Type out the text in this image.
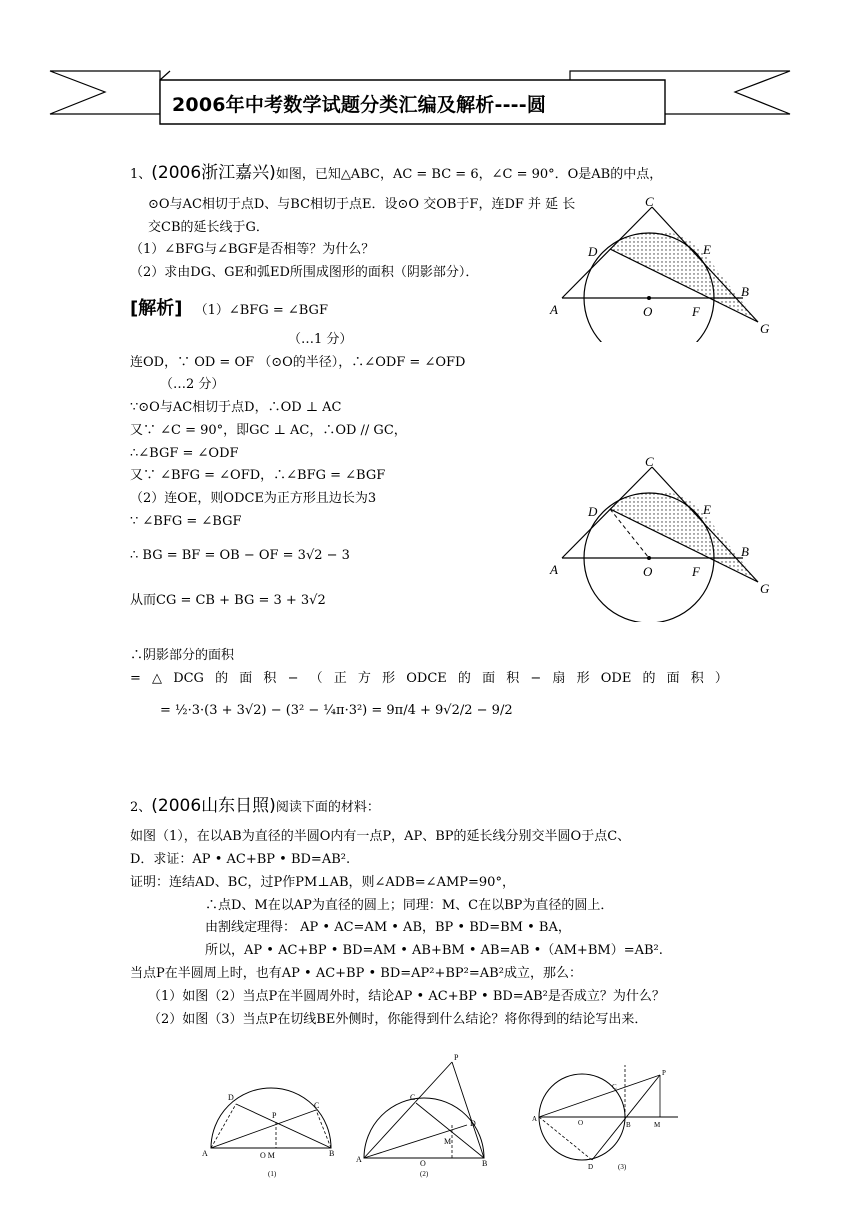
2006年中考数学试题分类汇编及解析----圆
1、(2006浙江嘉兴)如图，已知△ABC，AC = BC = 6，∠C = 90°．O是AB的中点，
⊙O与AC相切于点D、与BC相切于点E．设⊙O 交OB于F，连DF 并 延 长
交CB的延长线于G．
（1）∠BFG与∠BGF是否相等？为什么？
（2）求由DG、GE和弧ED所围成图形的面积（阴影部分）．
C
D	E
B
A	O	F
G
[解析] （1）∠BFG = ∠BGF
（…1 分）
连OD，∵ OD = OF （⊙O的半径），∴∠ODF = ∠OFD
（…2 分）
∵⊙O与AC相切于点D，∴OD ⊥ AC
又∵ ∠C = 90°，即GC ⊥ AC，∴OD // GC，
∴∠BGF = ∠ODF
又∵ ∠BFG = ∠OFD，∴∠BFG = ∠BGF
（2）连OE，则ODCE为正方形且边长为3
∵ ∠BFG = ∠BGF
∴ BG = BF = OB − OF = 3√2 − 3
从而CG = CB + BG = 3 + 3√2
C
D	E
B
A	O	F
G
∴阴影部分的面积
= △ DCG 的 面 积 − （ 正 方 形 ODCE 的 面 积 − 扇 形 ODE 的 面 积 ）
= ½·3·(3 + 3√2) − (3² − ¼π·3²) = 9π/4 + 9√2/2 − 9/2
2、(2006山东日照)阅读下面的材料：
如图（1），在以AB为直径的半圆O内有一点P，AP、BP的延长线分别交半圆O于点C、
D．求证：AP • AC+BP • BD=AB².
证明：连结AD、BC，过P作PM⊥AB，则∠ADB=∠AMP=90°，
∴点D、M在以AP为直径的圆上；同理：M、C在以BP为直径的圆上．
由割线定理得： AP • AC=AM • AB，BP • BD=BM • BA，
所以，AP • AC+BP • BD=AM • AB+BM • AB=AB •（AM+BM）=AB².
当点P在半圆周上时，也有AP • AC+BP • BD=AP²+BP²=AB²成立，那么：
（1）如图（2）当点P在半圆周外时，结论AP • AC+BP • BD=AB²是否成立？为什么？
（2）如图（3）当点P在切线BE外侧时，你能得到什么结论？将你得到的结论写出来．
A	B
D
C
P
O M
(1)
A	B
P
C
D
M
O
(2)
A	O	B	M
P
C
D	(3)
